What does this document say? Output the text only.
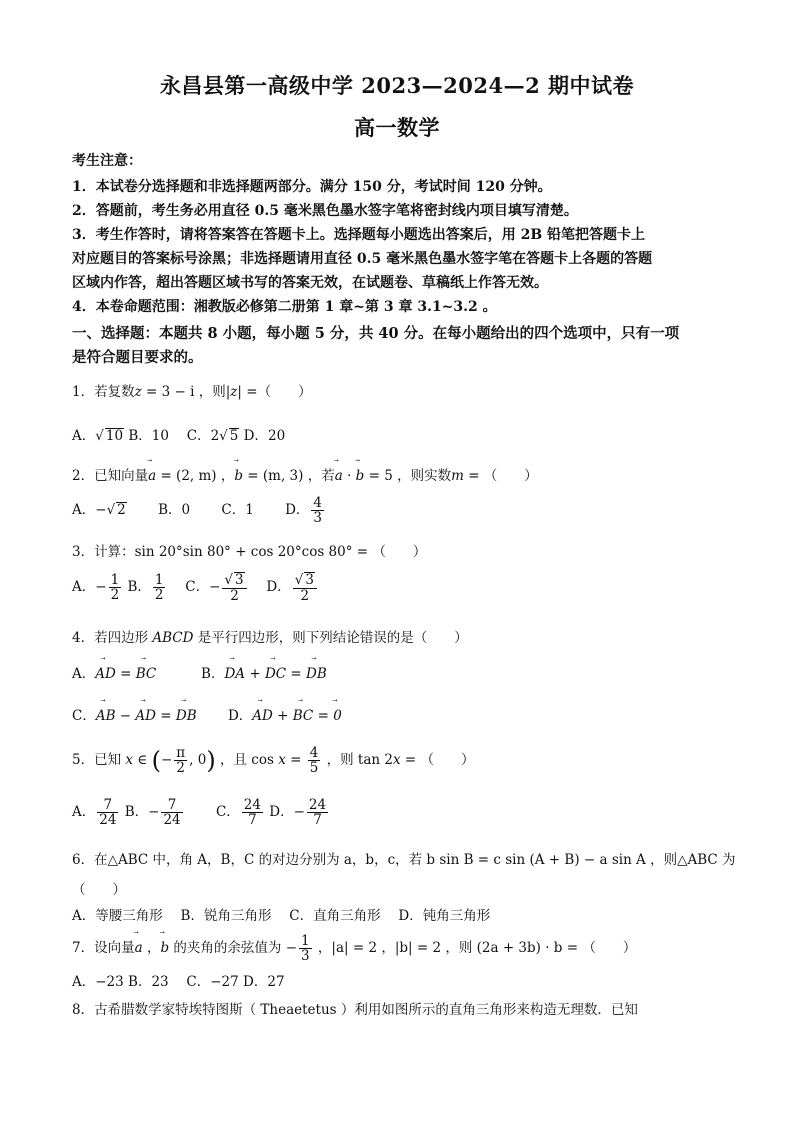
永昌县第一高级中学 2023—2024—2 期中试卷
高一数学
考生注意：
1．本试卷分选择题和非选择题两部分。满分 150 分，考试时间 120 分钟。
2．答题前，考生务必用直径 0.5 毫米黑色墨水签字笔将密封线内项目填写清楚。
3．考生作答时，请将答案答在答题卡上。选择题每小题选出答案后，用 2B 铅笔把答题卡上
对应题目的答案标号涂黑；非选择题请用直径 0.5 毫米黑色墨水签字笔在答题卡上各题的答题
区域内作答，超出答题区域书写的答案无效，在试题卷、草稿纸上作答无效。
4．本卷命题范围：湘教版必修第二册第 1 章~第 3 章 3.1~3.2 。
一、选择题：本题共 8 小题，每小题 5 分，共 40 分。在每小题给出的四个选项中，只有一项
是符合题目要求的。
1．若复数z = 3 − i ，则|z| =（　　）
A．√ 10 B．10　 C．2√ 5 D．20
2．已知向量⃗ a = (2, m) ，⃗ b = (m, 3) ，若⃗ a · ⃗ b = 5 ，则实数m = （　　）
A．−√ 2　　 B．0　　 C．1　　 D． $\frac{4}{3}$
3．计算：sin 20°sin 80° + cos 20°cos 80° = （　　）
A．− $\frac{1}{2}$ B． $\frac{1}{2}$
　 C．− $\frac{√ 3}{2}$
　 D． $\frac{√ 3}{2}$
4．若四边形 ABCD 是平行四边形，则下列结论错误的是（　　）
A．⃗ AD = ⃗ BC　　　	B．⃗ DA + ⃗ DC = ⃗ DB
C．⃗ AB − ⃗ AD = ⃗ DB　　 D．⃗ AD + ⃗ BC = ⃗ 0
5．已知 x ∈ (− $\frac{\pi}{2}$ , 0) ，且 $\cos x = \frac{4}{5}$ ，则 tan 2x = （　　）
A． $\frac{7}{24}$ B．− $\frac{7}{24}$
　　 C． $\frac{24}{7}$ D．− $\frac{24}{7}$
6．在△ABC 中，角 A，B，C 的对边分别为 a，b，c，若 b sin B = c sin (A + B) − a sin A ，则△ABC 为
（　　）
A．等腰三角形　 B．锐角三角形　 C．直角三角形　 D．钝角三角形
7．设向量⃗ a ，⃗ b 的夹角的余弦值为 − $\frac{1}{3}$ ，|a| = 2 ，|b| = 2 ，则 (2a + 3b) · b = （　　）
A．−23 B．23　 C．−27 D．27
8．古希腊数学家特埃特图斯（ Theaetetus ）利用如图所示的直角三角形来构造无理数．已知
